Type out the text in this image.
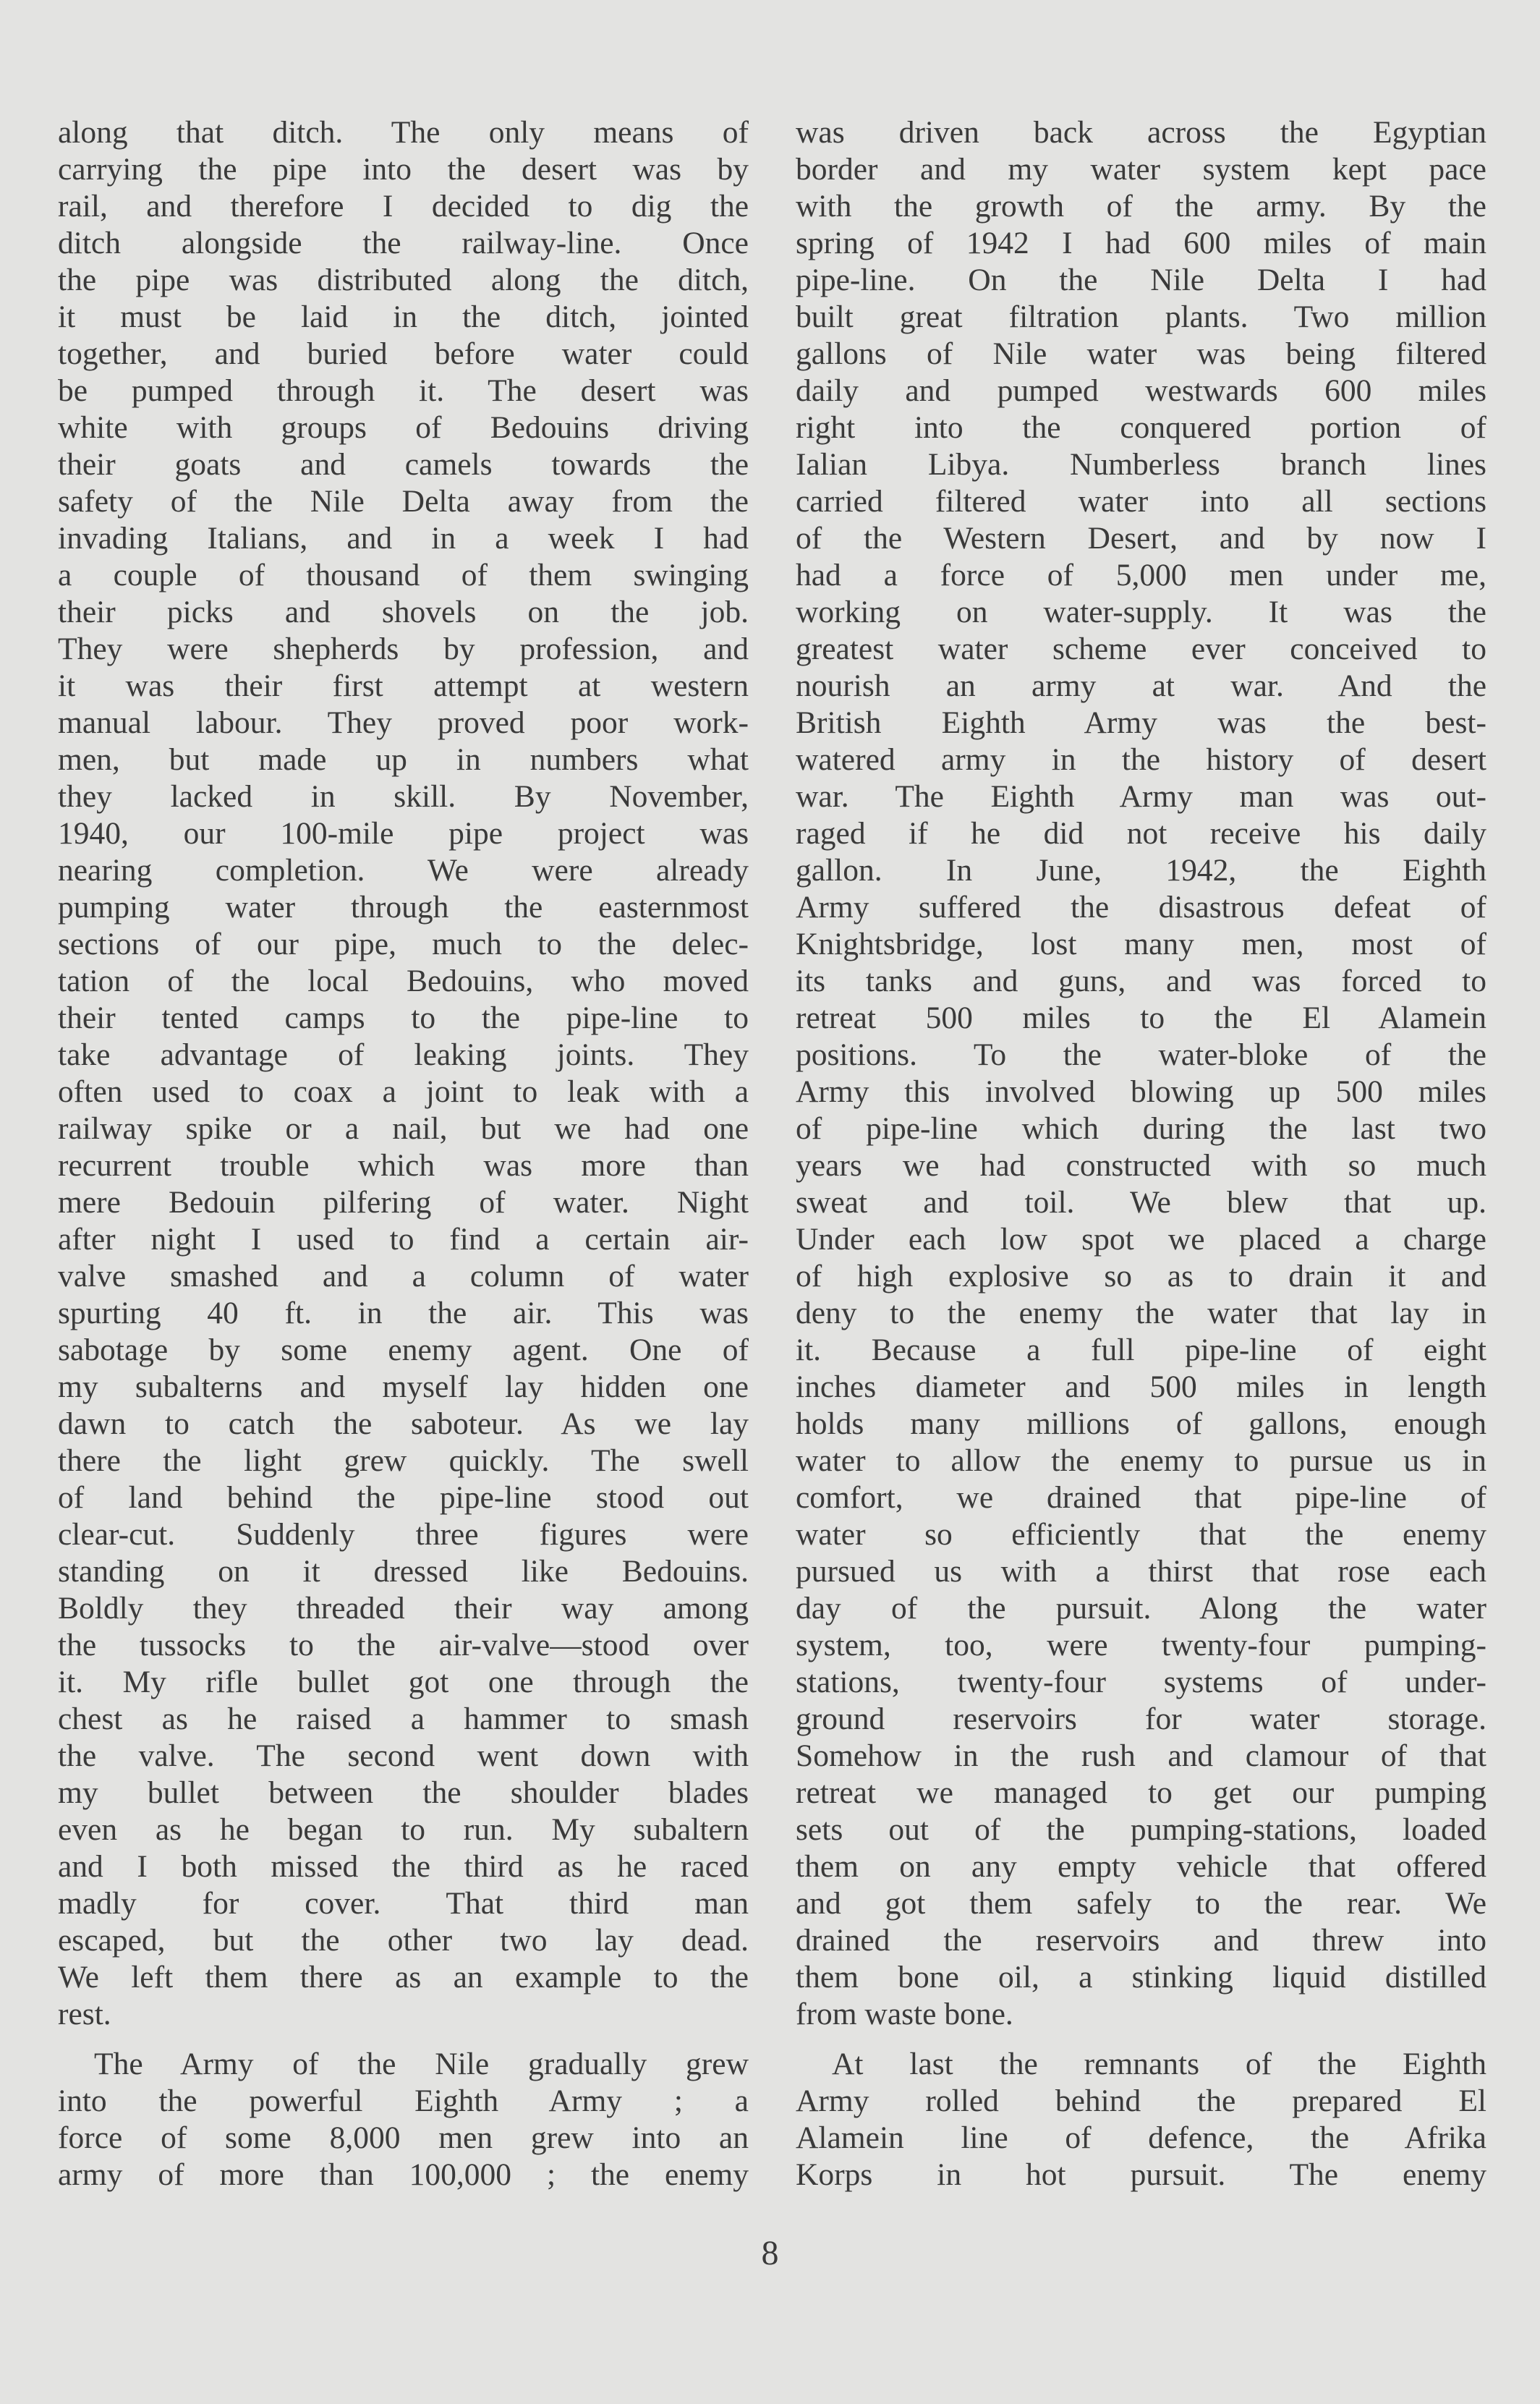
along that ditch. The only means of
carrying the pipe into the desert was by
rail, and therefore I decided to dig the
ditch alongside the railway-line. Once
the pipe was distributed along the ditch,
it must be laid in the ditch, jointed
together, and buried before water could
be pumped through it. The desert was
white with groups of Bedouins driving
their goats and camels towards the
safety of the Nile Delta away from the
invading Italians, and in a week I had
a couple of thousand of them swinging
their picks and shovels on the job.
They were shepherds by profession, and
it was their first attempt at western
manual labour. They proved poor work-
men, but made up in numbers what
they lacked in skill. By November,
1940, our 100-mile pipe project was
nearing completion. We were already
pumping water through the easternmost
sections of our pipe, much to the delec-
tation of the local Bedouins, who moved
their tented camps to the pipe-line to
take advantage of leaking joints. They
often used to coax a joint to leak with a
railway spike or a nail, but we had one
recurrent trouble which was more than
mere Bedouin pilfering of water. Night
after night I used to find a certain air-
valve smashed and a column of water
spurting 40 ft. in the air. This was
sabotage by some enemy agent. One of
my subalterns and myself lay hidden one
dawn to catch the saboteur. As we lay
there the light grew quickly. The swell
of land behind the pipe-line stood out
clear-cut. Suddenly three figures were
standing on it dressed like Bedouins.
Boldly they threaded their way among
the tussocks to the air-valve—stood over
it. My rifle bullet got one through the
chest as he raised a hammer to smash
the valve. The second went down with
my bullet between the shoulder blades
even as he began to run. My subaltern
and I both missed the third as he raced
madly for cover. That third man
escaped, but the other two lay dead.
We left them there as an example to the
rest.
The Army of the Nile gradually grew
into the powerful Eighth Army ; a
force of some 8,000 men grew into an
army of more than 100,000 ; the enemy
was driven back across the Egyptian
border and my water system kept pace
with the growth of the army. By the
spring of 1942 I had 600 miles of main
pipe-line. On the Nile Delta I had
built great filtration plants. Two million
gallons of Nile water was being filtered
daily and pumped westwards 600 miles
right into the conquered portion of
Ialian Libya. Numberless branch lines
carried filtered water into all sections
of the Western Desert, and by now I
had a force of 5,000 men under me,
working on water-supply. It was the
greatest water scheme ever conceived to
nourish an army at war. And the
British Eighth Army was the best-
watered army in the history of desert
war. The Eighth Army man was out-
raged if he did not receive his daily
gallon. In June, 1942, the Eighth
Army suffered the disastrous defeat of
Knightsbridge, lost many men, most of
its tanks and guns, and was forced to
retreat 500 miles to the El Alamein
positions. To the water-bloke of the
Army this involved blowing up 500 miles
of pipe-line which during the last two
years we had constructed with so much
sweat and toil. We blew that up.
Under each low spot we placed a charge
of high explosive so as to drain it and
deny to the enemy the water that lay in
it. Because a full pipe-line of eight
inches diameter and 500 miles in length
holds many millions of gallons, enough
water to allow the enemy to pursue us in
comfort, we drained that pipe-line of
water so efficiently that the enemy
pursued us with a thirst that rose each
day of the pursuit. Along the water
system, too, were twenty-four pumping-
stations, twenty-four systems of under-
ground reservoirs for water storage.
Somehow in the rush and clamour of that
retreat we managed to get our pumping
sets out of the pumping-stations, loaded
them on any empty vehicle that offered
and got them safely to the rear. We
drained the reservoirs and threw into
them bone oil, a stinking liquid distilled
from waste bone.
At last the remnants of the Eighth
Army rolled behind the prepared El
Alamein line of defence, the Afrika
Korps in hot pursuit. The enemy
8
